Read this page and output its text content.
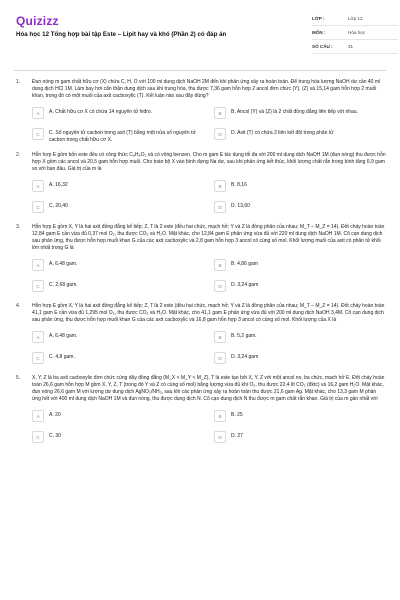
Quizizz
Hóa học 12 Tổng hợp bài tập Este – Lipit hay và khó (Phần 2) có đáp án
LỚP :	Lớp 12
MÔN :	Hóa học
SỐ CÂU :	31
1. Đun nóng m gam chất hữu cơ (X) chứa C, H, O với 100 ml dung dịch NaOH 2M đến khi phản ứng xảy ra hoàn toàn. Để trung hòa lượng NaOH dư cần 40 ml dung dịch HCl 1M. Làm bay hơi cẩn thận dung dịch sau khi trung hòa, thu được 7,36 gam hỗn hợp 2 ancol đơn chức (Y), (Z) và 15,14 gam hỗn hợp 2 muối khan, trong đó có một muối của axit cacboxylic (T). Kết luận nào sau đây đúng?
A	A. Chất hữu cơ X có chứa 14 nguyên tử hiđro.	B	B. Ancol (Y) và (Z) là 2 chất đồng đẳng liên tiếp với nhau.
C	C. Số nguyên tử cacbon trong axit (T) bằng một nửa số nguyên tử cacbon trong chất hữu cơ X.
D	D. Axit (T) có chứa 2 liên kết đôi trong phân tử
2. Hỗn hợp E gồm bốn este đều có công thức C₈H₈O₂ và có vòng benzen. Cho m gam E tác dụng tối đa với 200 ml dung dịch NaOH 1M (đun nóng) thu được hỗn hợp X gồm các ancol và 20,5 gam hỗn hợp muối. Cho toàn bộ X vào bình đựng Na dư, sau khi phản ứng kết thúc, khối lượng chất rắn trong bình tăng 6,9 gam so với ban đầu. Giá trị của m là
A	A. 16,32	B	B. 8,16
C	C. 20,40	D	D. 13,60
3. Hỗn hợp E gồm X, Y là hai axit đồng đẳng kế tiếp; Z, T là 2 este (đều hai chức, mạch hở; Y và Z là đồng phân của nhau; M_T – M_Z = 14). Đốt cháy hoàn toàn 12,84 gam E cần vừa đủ 0,37 mol O₂, thu được CO₂ và H₂O. Mặt khác, cho 12,84 gam E phản ứng vừa đủ với 220 ml dung dịch NaOH 1M. Cô cạn dung dịch sau phản ứng, thu được hỗn hợp muối khan G của các axit cacboxylic và 2,8 gam hỗn hợp 3 ancol có cùng số mol. Khối lượng muối của axit có phân tử khối lớn nhất trong G là
A	A. 6,48 gam.	B	B. 4,86 gam
C	C. 2,68 gam.	D	D. 3,24 gam
4. Hỗn hợp E gồm X, Y là hai axit đồng đẳng kế tiếp; Z, T là 2 este (đều hai chức, mạch hở; Y và Z là đồng phân của nhau; M_T – M_Z = 14). Đốt cháy hoàn toàn 41,1 gam E cần vừa đủ 1,295 mol O₂, thu được CO₂ và H₂O. Mặt khác, cho 41,1 gam E phản ứng vừa đủ với 200 ml dung dịch NaOH 3,4M. Cô cạn dung dịch sau phản ứng, thu được hỗn hợp muối khan G của các axit cacboxylic và 16,8 gam hỗn hợp 3 ancol có cùng số mol. Khối lượng của X là
A	A. 6,48 gam.	B	B. 5,2 gam.
C	C. 4,8 gam.	D	D. 3,24 gam
5. X, Y, Z là ba axit cacboxylic đơn chức cùng dãy đồng đẳng (M_X < M_Y < M_Z), T là este tạo bởi X, Y, Z với một ancol no, ba chức, mạch hở E. Đốt cháy hoàn toàn 26,6 gam hỗn hợp M gồm X, Y, Z, T (trong đó Y và Z có cùng số mol) bằng lượng vừa đủ khí O₂, thu được 22,4 lít CO₂ (đktc) và 16,2 gam H₂O. Mặt khác, đun nóng 26,6 gam M với lượng dư dung dịch AgNO₃/NH₃, sau khi các phản ứng xảy ra hoàn toàn thu được 21,6 gam Ag. Mặt khác, cho 13,3 gam M phản ứng hết với 400 ml dung dịch NaOH 1M và đun nóng, thu được dung dịch N. Cô cạn dung dịch N thu được m gam chất rắn khan. Giá trị của m gần nhất với
A	A. 20	B	B. 25
C	C. 30	D	D. 27
